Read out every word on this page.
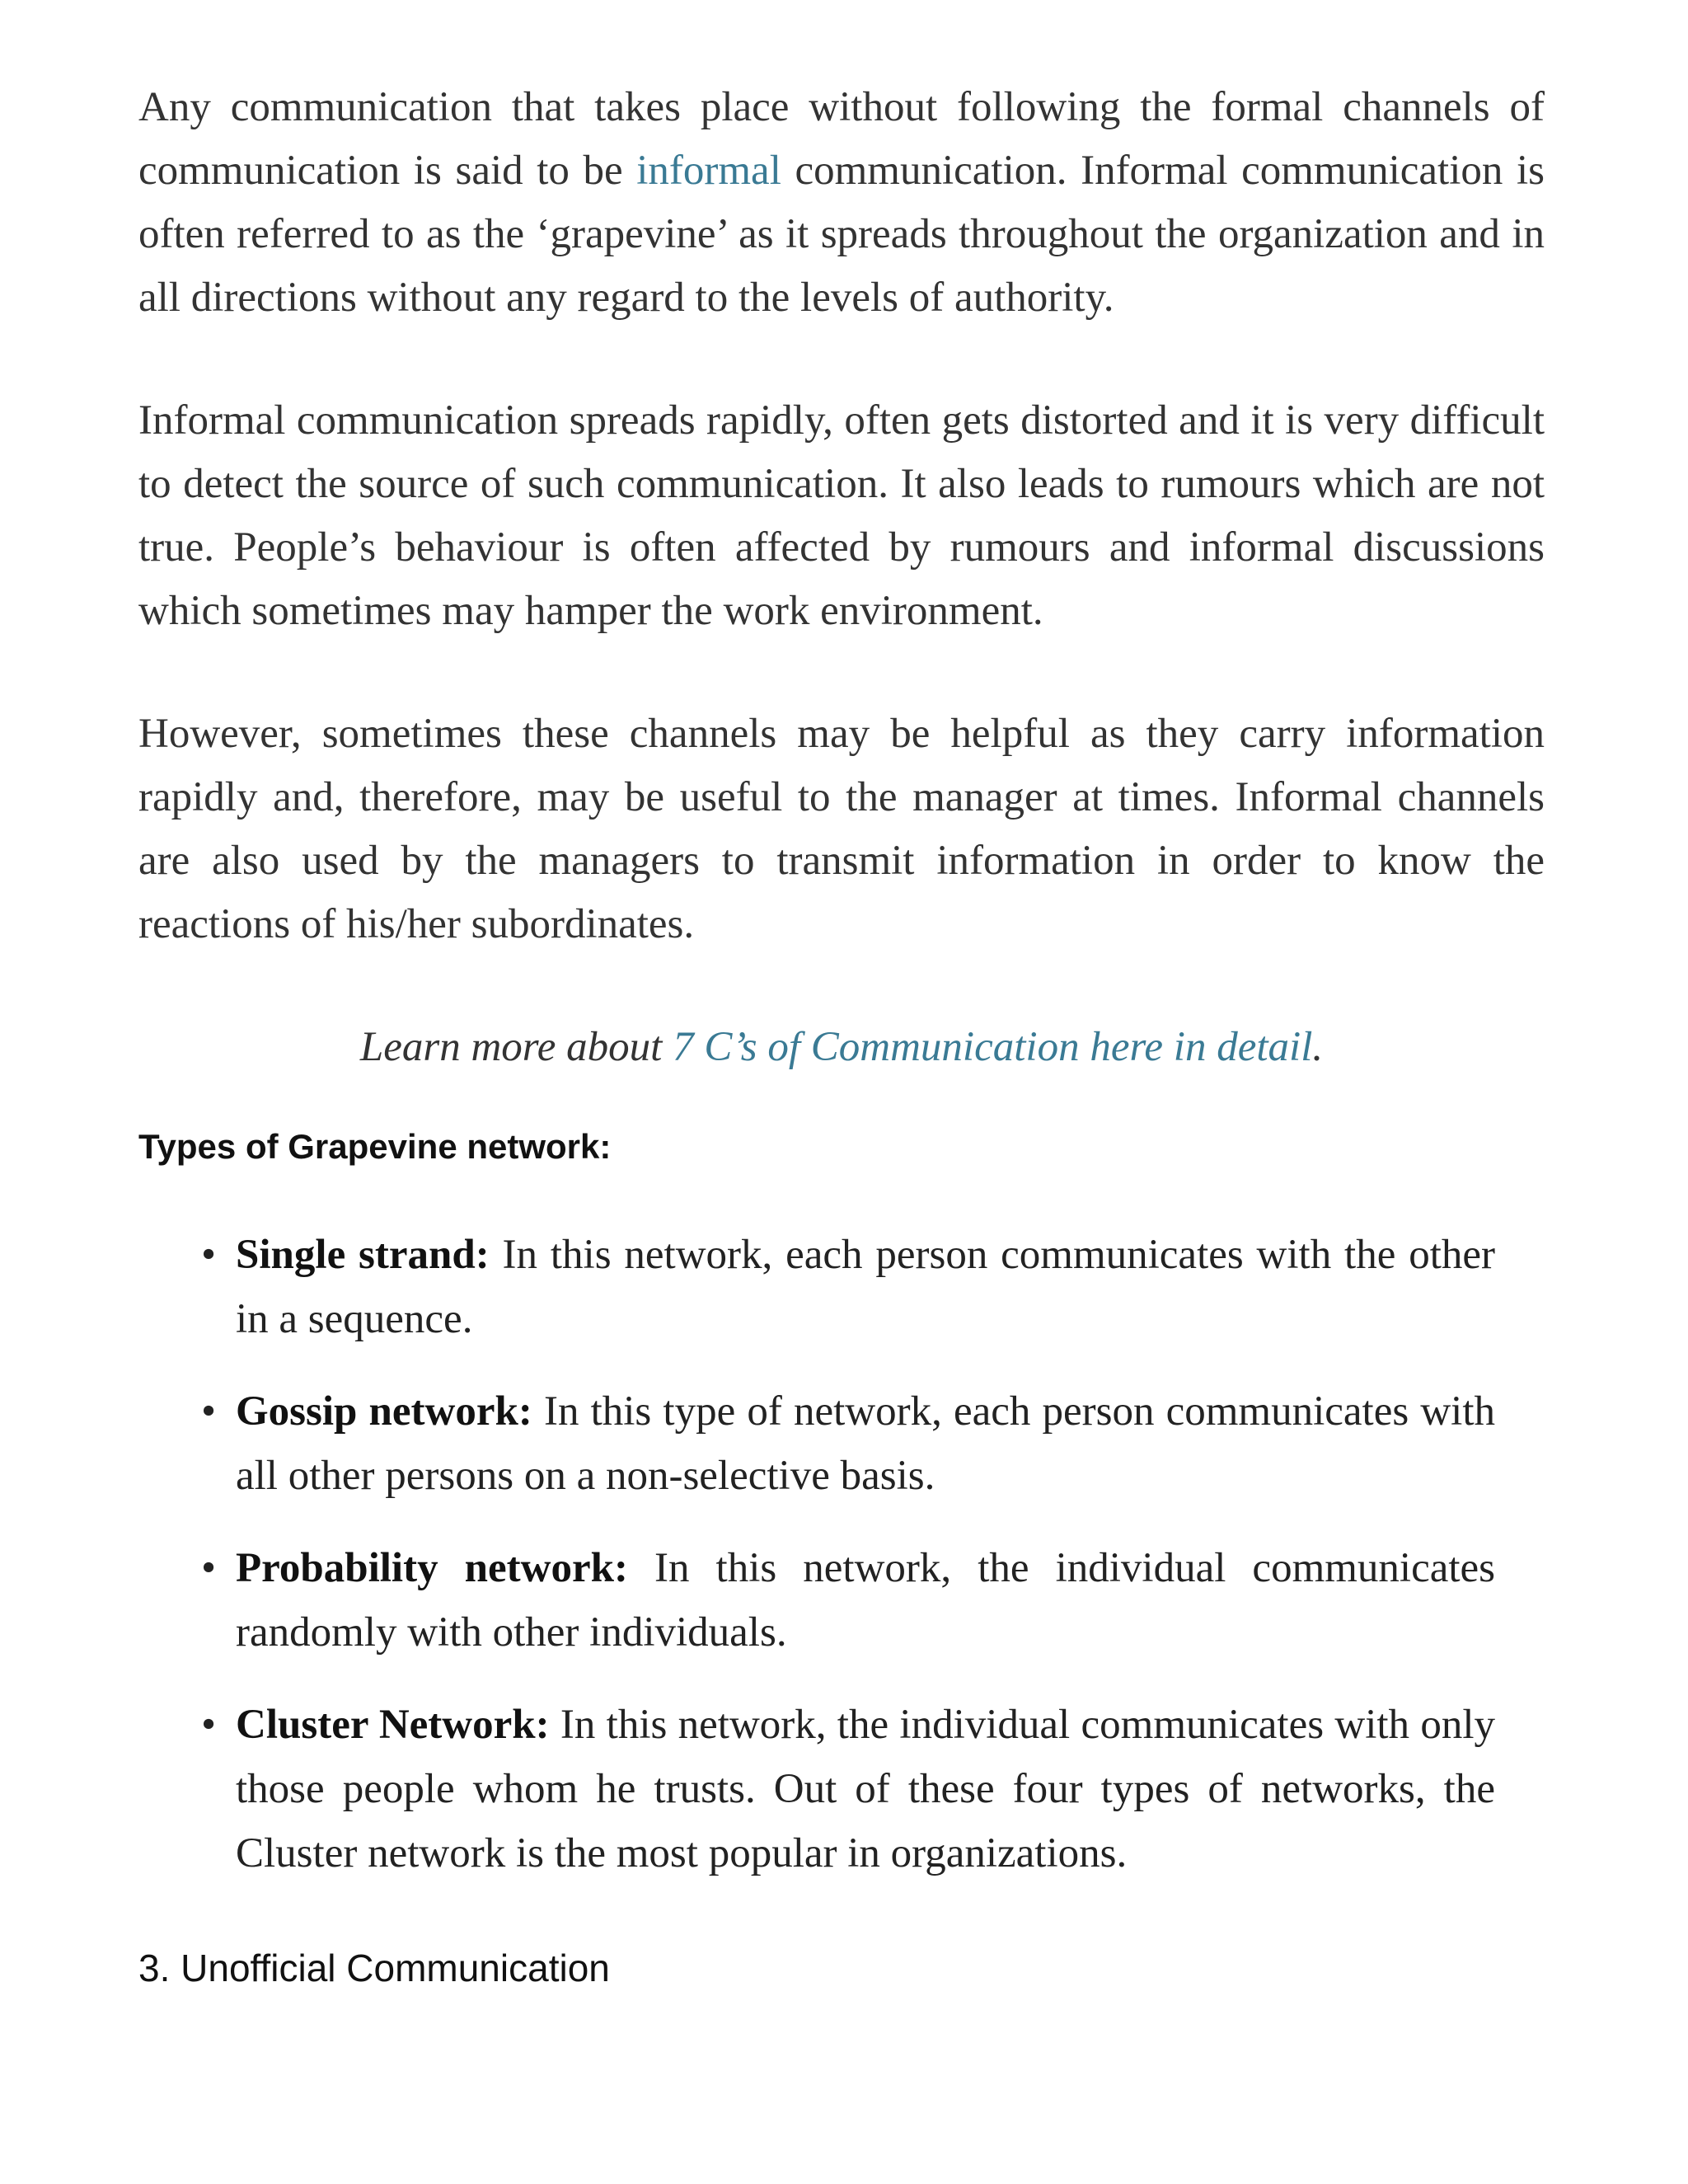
Any communication that takes place without following the formal channels of communication is said to be informal communication. Informal communication is often referred to as the ‘grapevine’ as it spreads throughout the organization and in all directions without any regard to the levels of authority.

Informal communication spreads rapidly, often gets distorted and it is very difficult to detect the source of such communication. It also leads to rumours which are not true. People’s behaviour is often affected by rumours and informal discussions which sometimes may hamper the work environment.

However, sometimes these channels may be helpful as they carry information rapidly and, therefore, may be useful to the manager at times. Informal channels are also used by the managers to transmit information in order to know the reactions of his/her subordinates.

Learn more about 7 C’s of Communication here in detail.

Types of Grapevine network:
• Single strand: In this network, each person communicates with the other in a sequence.
• Gossip network: In this type of network, each person communicates with all other persons on a non-selective basis.
• Probability network: In this network, the individual communicates randomly with other individuals.
• Cluster Network: In this network, the individual communicates with only those people whom he trusts. Out of these four types of networks, the Cluster network is the most popular in organizations.
3. Unofficial Communication
